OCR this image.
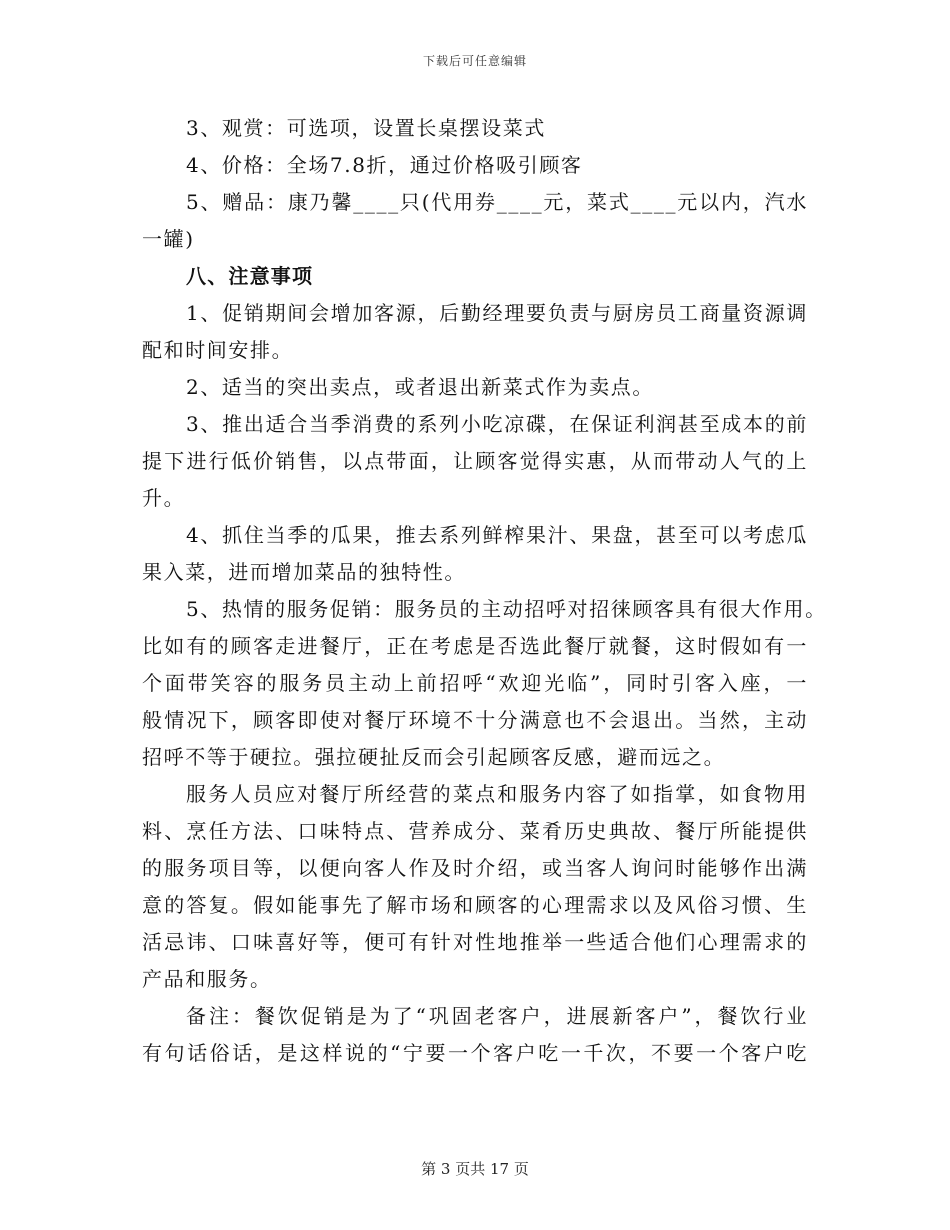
下载后可任意编辑
3、观赏：可选项，设置长桌摆设菜式
4、价格：全场7.8折，通过价格吸引顾客
5、赠品：康乃馨____只(代用券____元，菜式____元以内，汽水
一罐)
八、注意事项
1、促销期间会增加客源，后勤经理要负责与厨房员工商量资源调
配和时间安排。
2、适当的突出卖点，或者退出新菜式作为卖点。
3、推出适合当季消费的系列小吃凉碟，在保证利润甚至成本的前
提下进行低价销售，以点带面，让顾客觉得实惠，从而带动人气的上
升。
4、抓住当季的瓜果，推去系列鲜榨果汁、果盘，甚至可以考虑瓜
果入菜，进而增加菜品的独特性。
5、热情的服务促销：服务员的主动招呼对招徕顾客具有很大作用。
比如有的顾客走进餐厅，正在考虑是否选此餐厅就餐，这时假如有一
个面带笑容的服务员主动上前招呼“欢迎光临”，同时引客入座，一
般情况下，顾客即使对餐厅环境不十分满意也不会退出。当然，主动
招呼不等于硬拉。强拉硬扯反而会引起顾客反感，避而远之。
服务人员应对餐厅所经营的菜点和服务内容了如指掌，如食物用
料、烹任方法、口味特点、营养成分、菜肴历史典故、餐厅所能提供
的服务项目等，以便向客人作及时介绍，或当客人询问时能够作出满
意的答复。假如能事先了解市场和顾客的心理需求以及风俗习惯、生
活忌讳、口味喜好等，便可有针对性地推举一些适合他们心理需求的
产品和服务。
备注：餐饮促销是为了“巩固老客户，进展新客户”，餐饮行业
有句话俗话，是这样说的“宁要一个客户吃一千次，不要一个客户吃
第 3 页共 17 页
